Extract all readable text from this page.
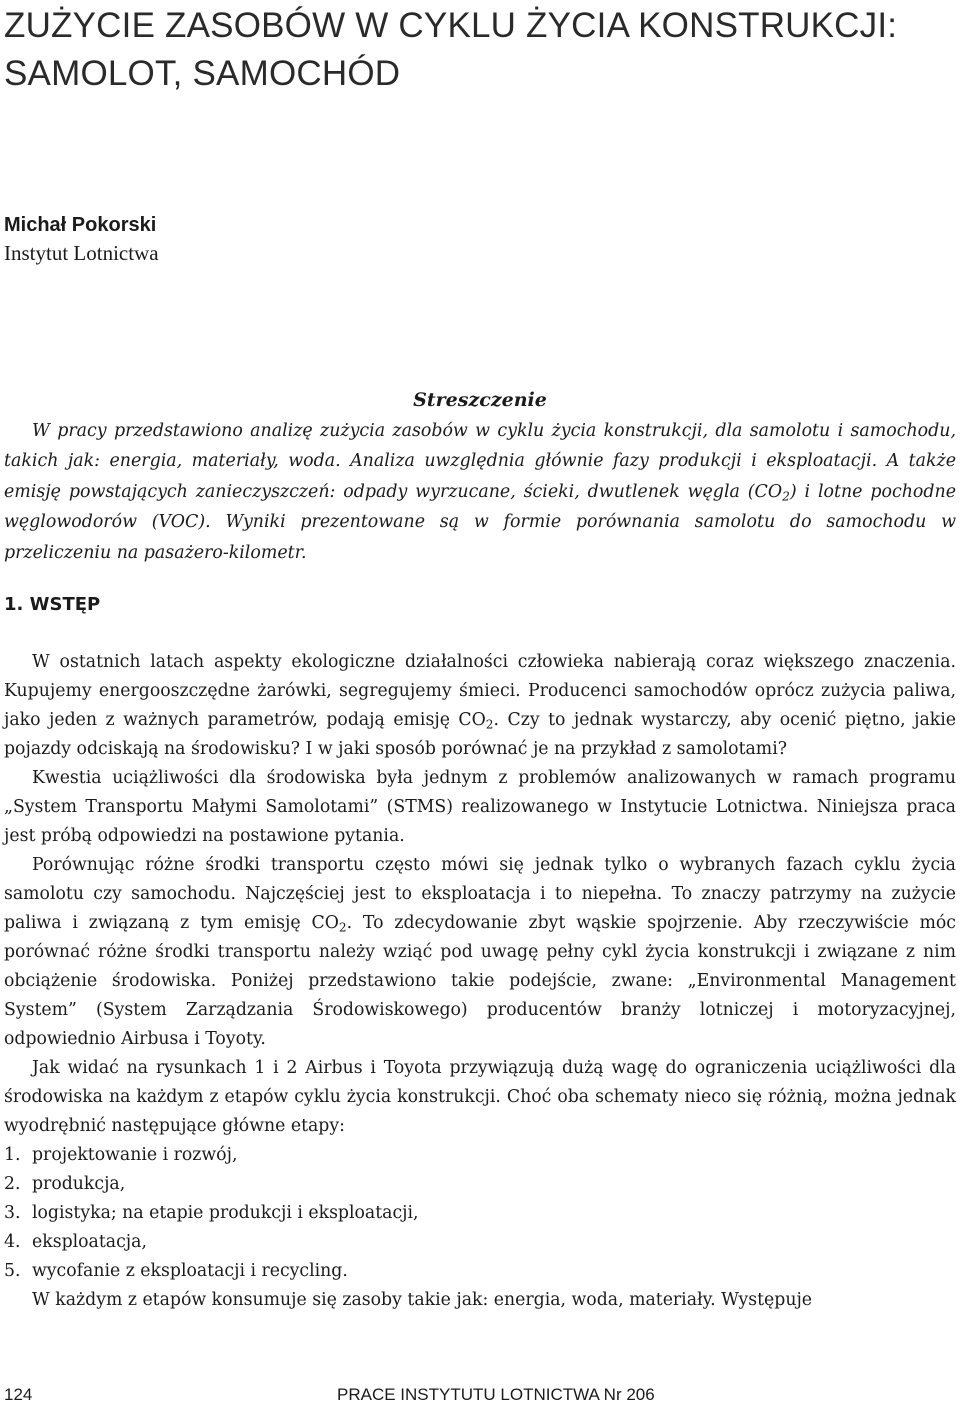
ZUŻYCIE ZASOBÓW W CYKLU ŻYCIA KONSTRUKCJI: SAMOLOT, SAMOCHÓD

Michał Pokorski

Instytut Lotnictwa

Streszczenie

W pracy przedstawiono analizę zużycia zasobów w cyklu życia konstrukcji, dla samolotu i samochodu, takich jak: energia, materiały, woda. Analiza uwzględnia głównie fazy produkcji i eksploatacji. A także emisję powstających zanieczyszczeń: odpady wyrzucane, ścieki, dwutlenek węgla $(CO_2)$ i lotne pochodne węglowodorów (VOC). Wyniki prezentowane są w formie porównania samolotu do samochodu w przeliczeniu na pasażero-kilometr.

1. WSTĘP

W ostatnich latach aspekty ekologiczne działalności człowieka nabierają coraz większego znaczenia. Kupujemy energooszczędne żarówki, segregujemy śmieci. Producenci samochodów oprócz zużycia paliwa, jako jeden z ważnych parametrów, podają emisję $CO_2$. Czy to jednak wystarczy, aby ocenić piętno, jakie pojazdy odciskają na środowisku? I w jaki sposób porównać je na przykład z samolotami?

Kwestia uciążliwości dla środowiska była jednym z problemów analizowanych w ramach programu „System Transportu Małymi Samolotami” (STMS) realizowanego w Instytucie Lotnictwa. Niniejsza praca jest próbą odpowiedzi na postawione pytania.

Porównując różne środki transportu często mówi się jednak tylko o wybranych fazach cyklu życia samolotu czy samochodu. Najczęściej jest to eksploatacja i to niepełna. To znaczy patrzymy na zużycie paliwa i związaną z tym emisję $CO_2$. To zdecydowanie zbyt wąskie spojrzenie. Aby rzeczywiście móc porównać różne środki transportu należy wziąć pod uwagę pełny cykl życia konstrukcji i związane z nim obciążenie środowiska. Poniżej przedstawiono takie podejście, zwane: „Environmental Management System” (System Zarządzania Środowiskowego) producentów branży lotniczej i motoryzacyjnej, odpowiednio Airbusa i Toyoty.

Jak widać na rysunkach 1 i 2 Airbus i Toyota przywiązują dużą wagę do ograniczenia uciążliwości dla środowiska na każdym z etapów cyklu życia konstrukcji. Choć oba schematy nieco się różnią, można jednak wyodrębnić następujące główne etapy:

1. projektowanie i rozwój,
2. produkcja,
3. logistyka; na etapie produkcji i eksploatacji,
4. eksploatacja,
5. wycofanie z eksploatacji i recycling.

W każdym z etapów konsumuje się zasoby takie jak: energia, woda, materiały. Występuje

124	PRACE INSTYTUTU LOTNICTWA Nr 206
